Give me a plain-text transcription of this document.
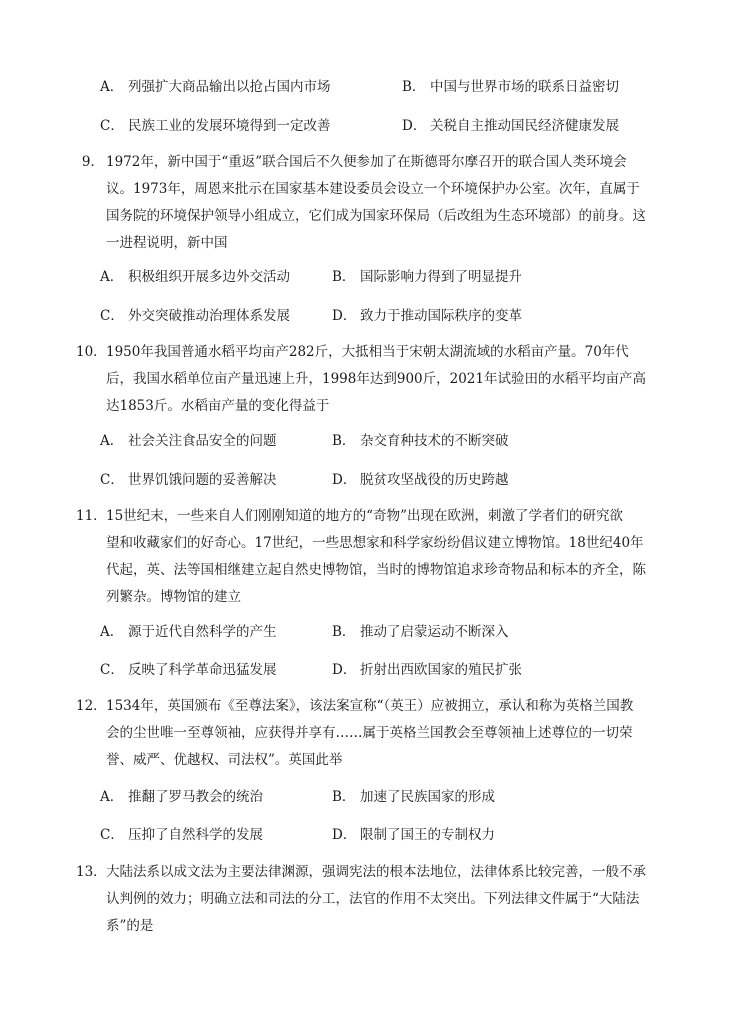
A． 列强扩大商品输出以抢占国内市场	B． 中国与世界市场的联系日益密切
C． 民族工业的发展环境得到一定改善	D． 关税自主推动国民经济健康发展
9． 1972年，新中国于“重返”联合国后不久便参加了在斯德哥尔摩召开的联合国人类环境会
议。1973年，周恩来批示在国家基本建设委员会设立一个环境保护办公室。次年，直属于
国务院的环境保护领导小组成立，它们成为国家环保局（后改组为生态环境部）的前身。这
一进程说明，新中国
A． 积极组织开展多边外交活动	B． 国际影响力得到了明显提升
C． 外交突破推动治理体系发展	D． 致力于推动国际秩序的变革
10．1950年我国普通水稻平均亩产282斤，大抵相当于宋朝太湖流域的水稻亩产量。70年代
后，我国水稻单位亩产量迅速上升，1998年达到900斤，2021年试验田的水稻平均亩产高
达1853斤。水稻亩产量的变化得益于
A． 社会关注食品安全的问题	B． 杂交育种技术的不断突破
C． 世界饥饿问题的妥善解决	D． 脱贫攻坚战役的历史跨越
11．15世纪末，一些来自人们刚刚知道的地方的“奇物”出现在欧洲，刺激了学者们的研究欲
望和收藏家们的好奇心。17世纪，一些思想家和科学家纷纷倡议建立博物馆。18世纪40年
代起，英、法等国相继建立起自然史博物馆，当时的博物馆追求珍奇物品和标本的齐全，陈
列繁杂。博物馆的建立
A． 源于近代自然科学的产生	B． 推动了启蒙运动不断深入
C． 反映了科学革命迅猛发展	D． 折射出西欧国家的殖民扩张
12．1534年，英国颁布《至尊法案》，该法案宣称“（英王）应被拥立，承认和称为英格兰国教
会的尘世唯一至尊领袖，应获得并享有……属于英格兰国教会至尊领袖上述尊位的一切荣
誉、威严、优越权、司法权”。英国此举
A． 推翻了罗马教会的统治	B． 加速了民族国家的形成
C． 压抑了自然科学的发展	D． 限制了国王的专制权力
13．大陆法系以成文法为主要法律渊源，强调宪法的根本法地位，法律体系比较完善，一般不承
认判例的效力；明确立法和司法的分工，法官的作用不太突出。下列法律文件属于“大陆法
系”的是
